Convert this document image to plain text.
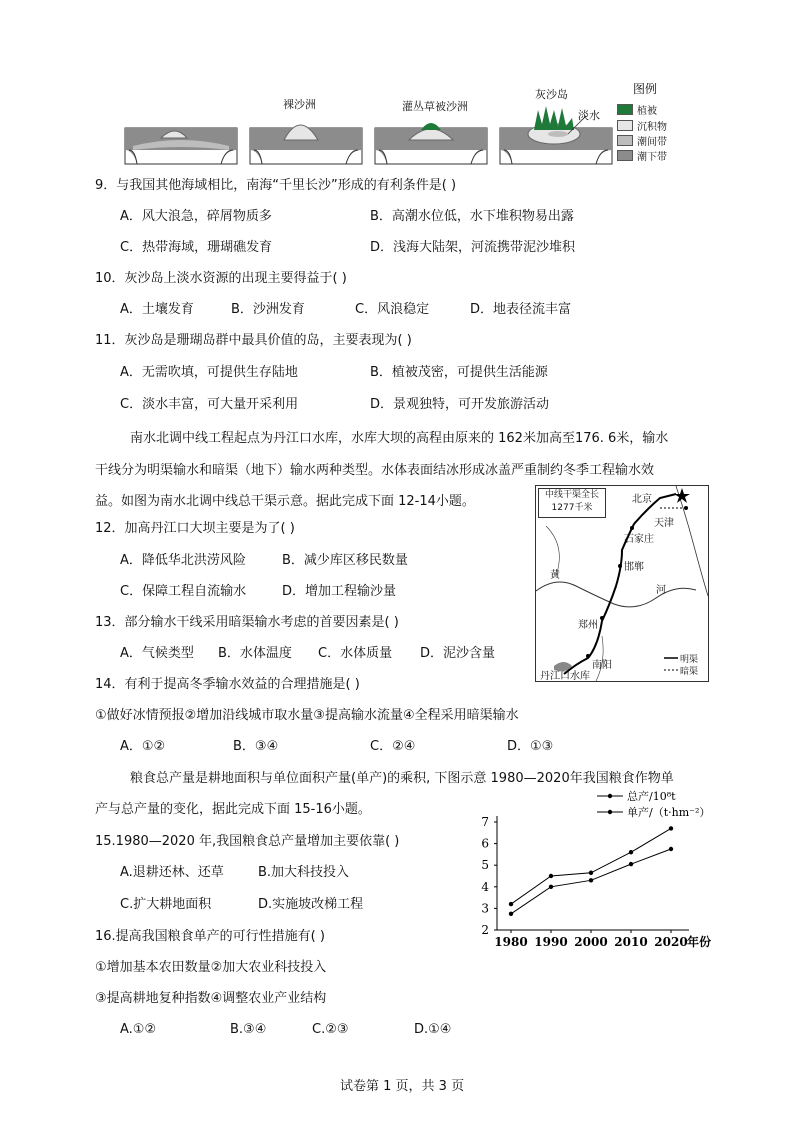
裸沙洲	灌丛草被沙洲
灰沙岛
淡水
图例
植被
沉积物
潮间带
潮下带
9．与我国其他海域相比，南海“千里长沙”形成的有利条件是( )
A．风大浪急，碎屑物质多	B．高潮水位低，水下堆积物易出露
C．热带海域，珊瑚礁发育	D．浅海大陆架，河流携带泥沙堆积
10．灰沙岛上淡水资源的出现主要得益于( )
A．土壤发育	B．沙洲发育	C．风浪稳定	D．地表径流丰富
11．灰沙岛是珊瑚岛群中最具价值的岛，主要表现为( )
A．无需吹填，可提供生存陆地	B．植被茂密，可提供生活能源
C．淡水丰富，可大量开采利用	D．景观独特，可开发旅游活动
南水北调中线工程起点为丹江口水库，水库大坝的高程由原来的 162米加高至176. 6米，输水
干线分为明渠输水和暗渠（地下）输水两种类型。水体表面结冰形成冰盖严重制约冬季工程输水效
益。如图为南水北调中线总干渠示意。据此完成下面 12-14小题。	中线干渠全长
1277千米
北京
天津
石家庄
邯郸
郑州
南阳
丹江口水库
黄
河
明渠
暗渠
12．加高丹江口大坝主要是为了( )
A．降低华北洪涝风险	B．减少库区移民数量
C．保障工程自流输水	D．增加工程输沙量
13．部分输水干线采用暗渠输水考虑的首要因素是( )
A．气候类型 B．水体温度 C．水体质量 D．泥沙含量
14．有利于提高冬季输水效益的合理措施是( )
①做好冰情预报②增加沿线城市取水量③提高输水流量④全程采用暗渠输水
A．①②	B．③④	C．②④	D．①③
粮食总产量是耕地面积与单位面积产量(单产)的乘积, 下图示意 1980—2020年我国粮食作物单
产与总产量的变化，据此完成下面 15-16小题。
15.1980—2020 年,我国粮食总产量增加主要依靠( )
A.退耕还林、还草	B.加大科技投入
C.扩大耕地面积	D.实施坡改梯工程
16.提高我国粮食单产的可行性措施有( )
①增加基本农田数量②加大农业科技投入
③提高耕地复种指数④调整农业产业结构
A.①②	B.③④	C.②③	D.①④
2
3
4
5
6
7
1980 1990 2000 2010 2020 年份
总产/10⁸t
单产/（t·hm⁻²）
试卷第 1 页，共 3 页
